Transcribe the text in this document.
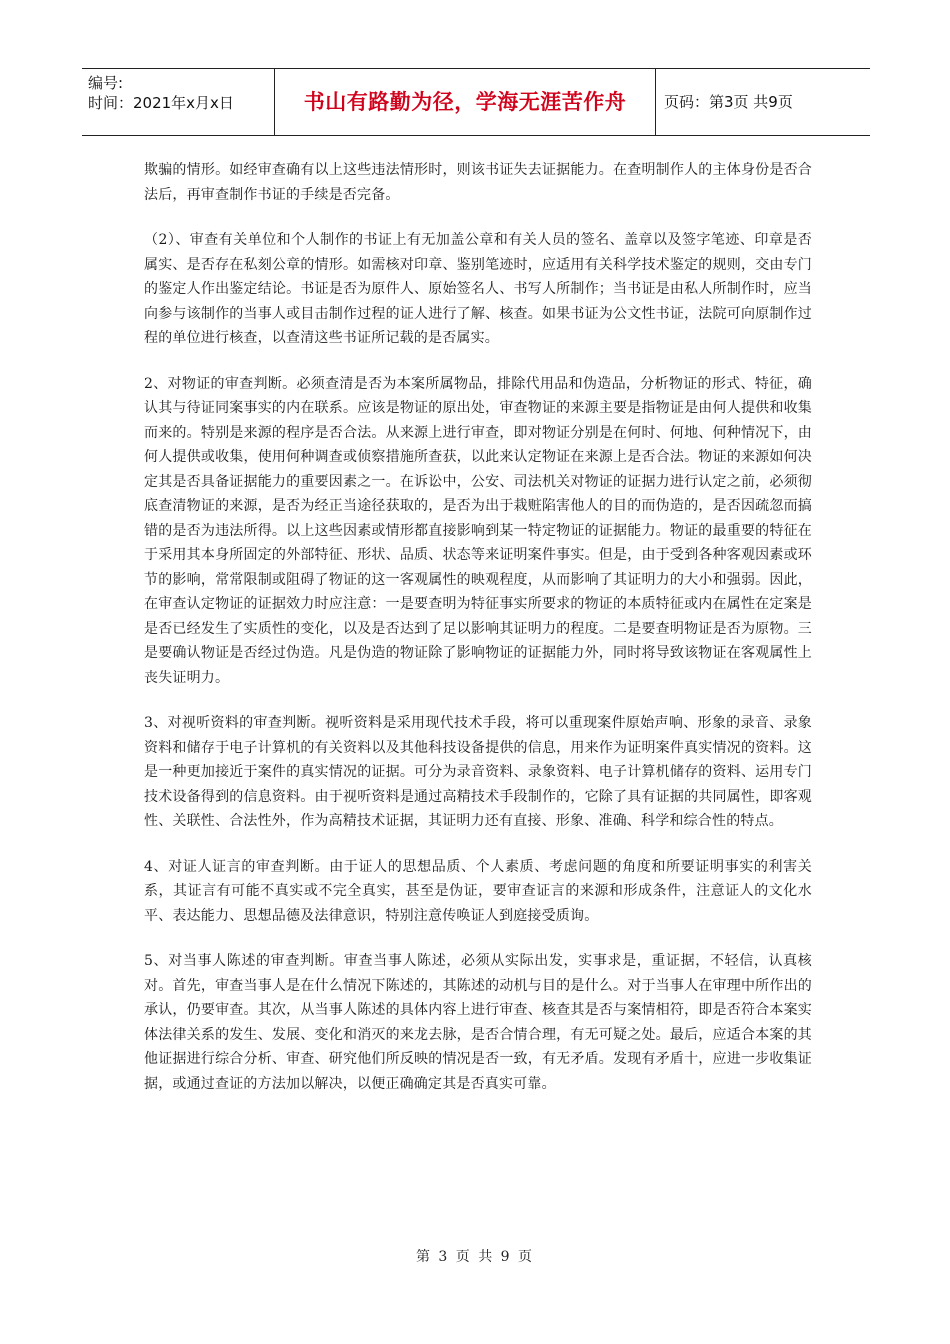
编号:
时间：2021年x月x日	书山有路勤为径，学海无涯苦作舟	页码：第3页 共9页

欺骗的情形。如经审查确有以上这些违法情形时，则该书证失去证据能力。在查明制作人的主体身份是否合法后，再审查制作书证的手续是否完备。

（2）、审查有关单位和个人制作的书证上有无加盖公章和有关人员的签名、盖章以及签字笔迹、印章是否属实、是否存在私刻公章的情形。如需核对印章、鉴别笔迹时，应适用有关科学技术鉴定的规则，交由专门的鉴定人作出鉴定结论。书证是否为原件人、原始签名人、书写人所制作；当书证是由私人所制作时，应当向参与该制作的当事人或目击制作过程的证人进行了解、核查。如果书证为公文性书证，法院可向原制作过程的单位进行核查，以查清这些书证所记载的是否属实。

2、对物证的审查判断。必须查清是否为本案所属物品，排除代用品和伪造品，分析物证的形式、特征，确认其与待证同案事实的内在联系。应该是物证的原出处，审查物证的来源主要是指物证是由何人提供和收集而来的。特别是来源的程序是否合法。从来源上进行审查，即对物证分别是在何时、何地、何种情况下，由何人提供或收集，使用何种调查或侦察措施所查获，以此来认定物证在来源上是否合法。物证的来源如何决定其是否具备证据能力的重要因素之一。在诉讼中，公安、司法机关对物证的证据力进行认定之前，必须彻底查清物证的来源，是否为经正当途径获取的，是否为出于栽赃陷害他人的目的而伪造的，是否因疏忽而搞错的是否为违法所得。以上这些因素或情形都直接影响到某一特定物证的证据能力。物证的最重要的特征在于采用其本身所固定的外部特征、形状、品质、状态等来证明案件事实。但是，由于受到各种客观因素或环节的影响，常常限制或阻碍了物证的这一客观属性的映观程度，从而影响了其证明力的大小和强弱。因此，在审查认定物证的证据效力时应注意：一是要查明为特征事实所要求的物证的本质特征或内在属性在定案是是否已经发生了实质性的变化，以及是否达到了足以影响其证明力的程度。二是要查明物证是否为原物。三是要确认物证是否经过伪造。凡是伪造的物证除了影响物证的证据能力外，同时将导致该物证在客观属性上丧失证明力。

3、对视听资料的审查判断。视听资料是采用现代技术手段，将可以重现案件原始声响、形象的录音、录象资料和储存于电子计算机的有关资料以及其他科技设备提供的信息，用来作为证明案件真实情况的资料。这是一种更加接近于案件的真实情况的证据。可分为录音资料、录象资料、电子计算机储存的资料、运用专门技术设备得到的信息资料。由于视听资料是通过高精技术手段制作的，它除了具有证据的共同属性，即客观性、关联性、合法性外，作为高精技术证据，其证明力还有直接、形象、准确、科学和综合性的特点。

4、对证人证言的审查判断。由于证人的思想品质、个人素质、考虑问题的角度和所要证明事实的利害关系，其证言有可能不真实或不完全真实，甚至是伪证，要审查证言的来源和形成条件，注意证人的文化水平、表达能力、思想品德及法律意识，特别注意传唤证人到庭接受质询。

5、对当事人陈述的审查判断。审查当事人陈述，必须从实际出发，实事求是，重证据，不轻信，认真核对。首先，审查当事人是在什么情况下陈述的，其陈述的动机与目的是什么。对于当事人在审理中所作出的承认，仍要审查。其次，从当事人陈述的具体内容上进行审查、核查其是否与案情相符，即是否符合本案实体法律关系的发生、发展、变化和消灭的来龙去脉，是否合情合理，有无可疑之处。最后，应适合本案的其他证据进行综合分析、审查、研究他们所反映的情况是否一致，有无矛盾。发现有矛盾十，应进一步收集证据，或通过查证的方法加以解决，以便正确确定其是否真实可靠。

第 3 页 共 9 页
